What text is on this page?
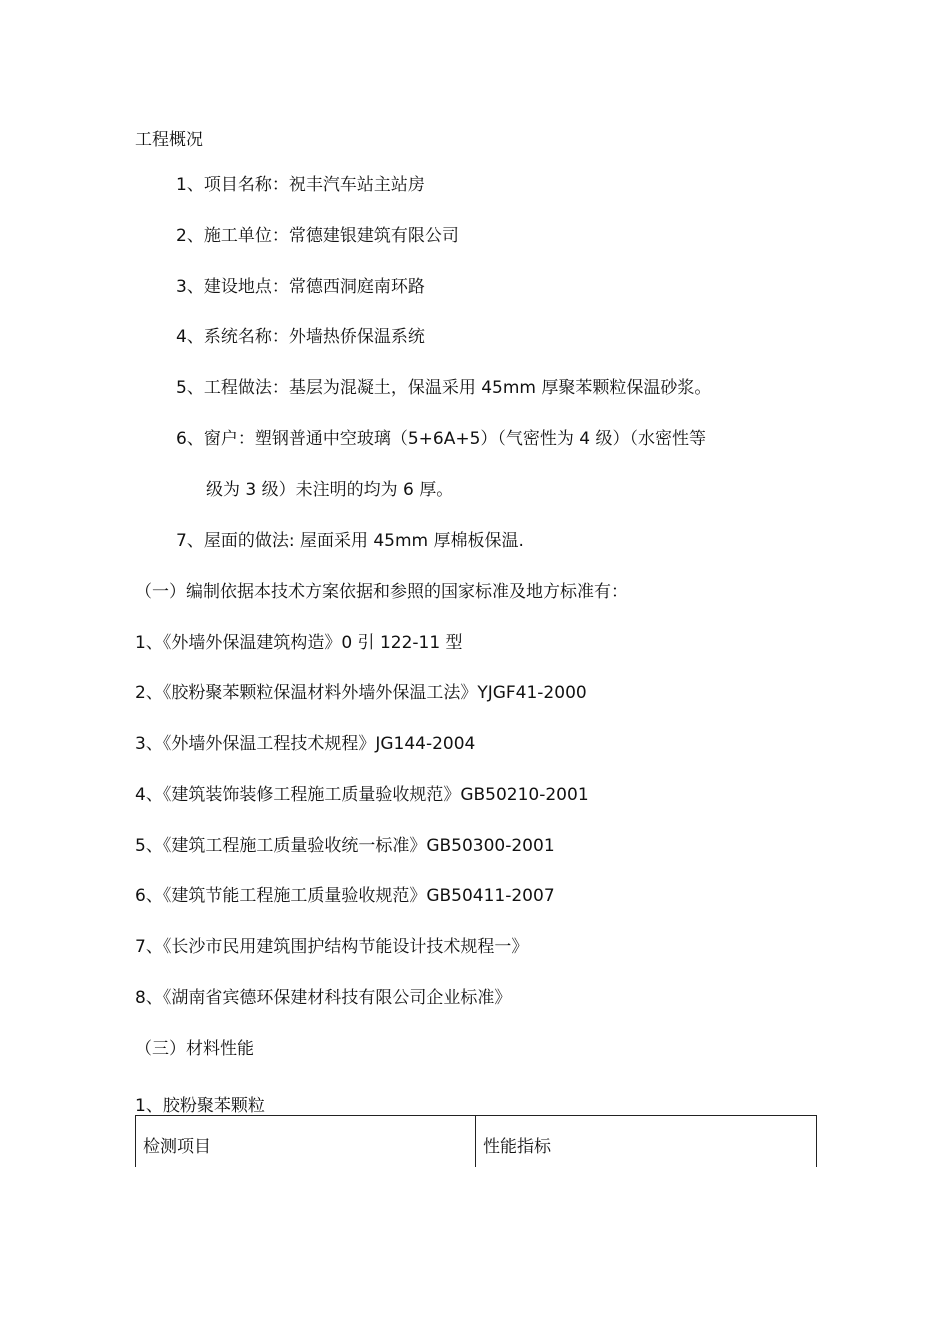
工程概况
1、项目名称：祝丰汽车站主站房
2、施工单位：常德建银建筑有限公司
3、建设地点：常德西洞庭南环路
4、系统名称：外墙热侨保温系统
5、工程做法：基层为混凝土，保温采用 45mm 厚聚苯颗粒保温砂浆。
6、窗户：塑钢普通中空玻璃（5+6A+5）（气密性为 4 级）（水密性等
级为 3 级）未注明的均为 6 厚。
7、屋面的做法: 屋面采用 45mm 厚棉板保温.
（一）编制依据本技术方案依据和参照的国家标准及地方标准有：
1、《外墙外保温建筑构造》0 引 122-11 型
2、《胶粉聚苯颗粒保温材料外墙外保温工法》YJGF41-2000
3、《外墙外保温工程技术规程》JG144-2004
4、《建筑装饰装修工程施工质量验收规范》GB50210-2001
5、《建筑工程施工质量验收统一标准》GB50300-2001
6、《建筑节能工程施工质量验收规范》GB50411-2007
7、《长沙市民用建筑围护结构节能设计技术规程一》
8、《湖南省宾德环保建材科技有限公司企业标准》
（三）材料性能
1、胶粉聚苯颗粒
检测项目	性能指标
